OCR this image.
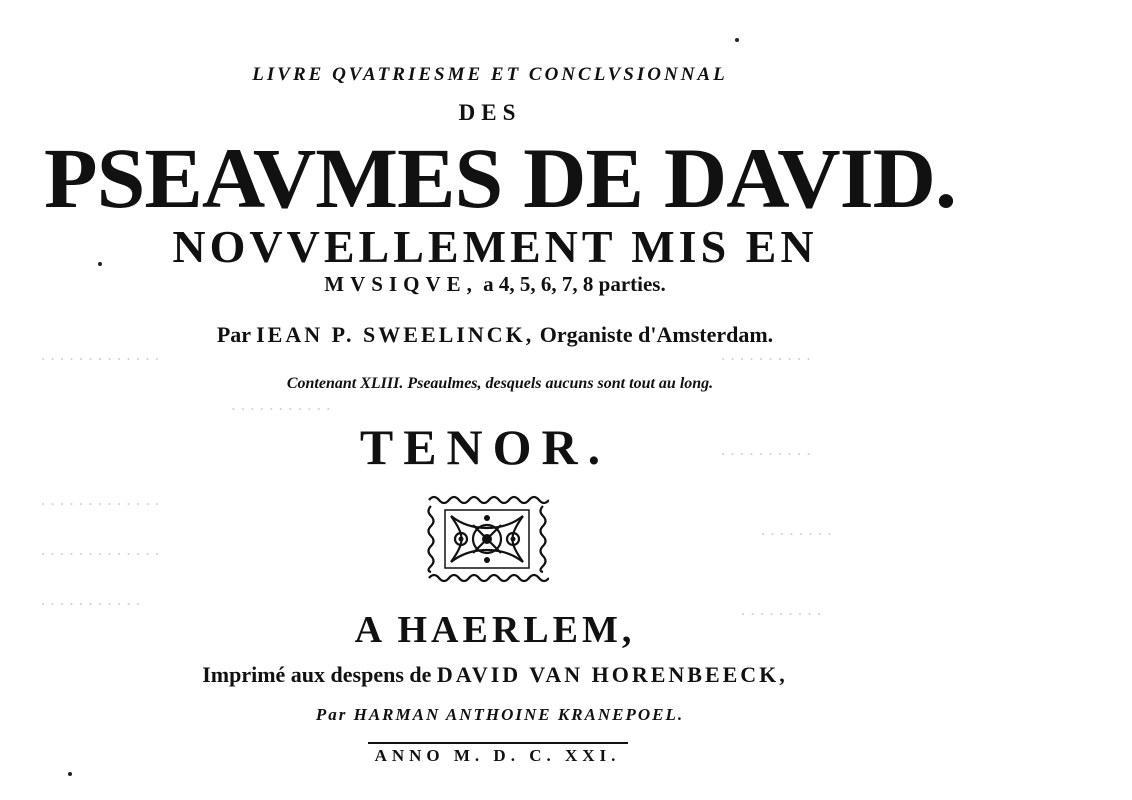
. . . . . . . . . . . . .
. . . . . . . . . . .
. . . . . . . . . . . . .
. . . . . . . . . . . . .
. . . . . . . . . . .
. . . . . . . . . .
. . . . . . . . . .
. . . . . . . .
. . . . . . . . .
LIVRE QVATRIESME ET CONCLVSIONNAL
DES
PSEAVMES DE DAVID.
NOVVELLEMENT MIS EN
MVSIQVE, a 4, 5, 6, 7, 8 parties.
Par IEAN P. SWEELINCK, Organiste d'Amsterdam.
Contenant XLIII. Pseaulmes, desquels aucuns sont tout au long.
TENOR.
A HAERLEM,
Imprimé aux despens de DAVID VAN HORENBEECK,
Par HARMAN ANTHOINE KRANEPOEL.
ANNO M. D. C. XXI.
